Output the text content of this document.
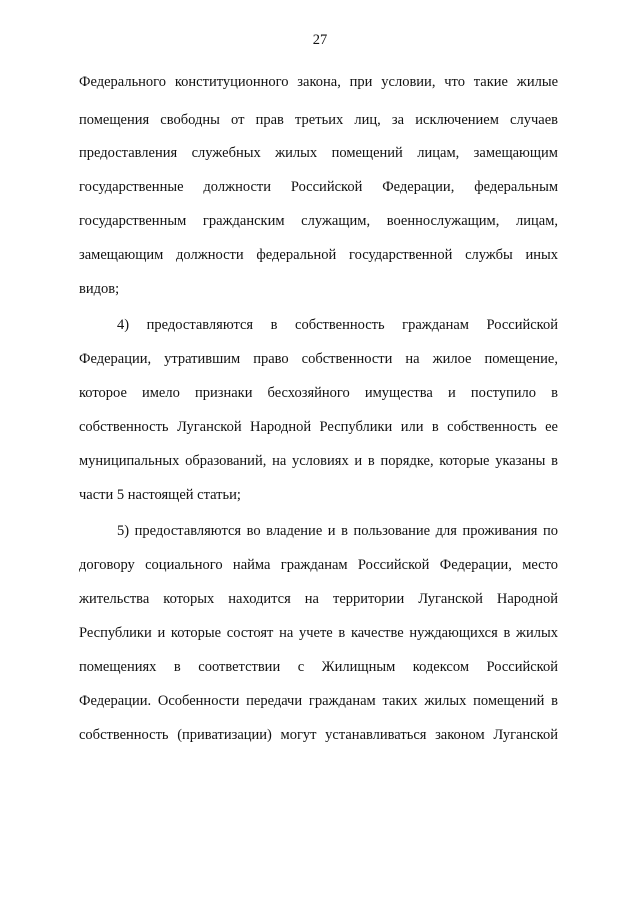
27
Федерального конституционного закона, при условии, что такие жилые
помещения свободны от прав третьих лиц, за исключением случаев
предоставления служебных жилых помещений лицам, замещающим
государственные должности Российской Федерации, федеральным
государственным гражданским служащим, военнослужащим, лицам,
замещающим должности федеральной государственной службы иных
видов;
4) предоставляются в собственность гражданам Российской
Федерации, утратившим право собственности на жилое помещение,
которое имело признаки бесхозяйного имущества и поступило в
собственность Луганской Народной Республики или в собственность ее
муниципальных образований, на условиях и в порядке, которые указаны в
части 5 настоящей статьи;
5) предоставляются во владение и в пользование для проживания по
договору социального найма гражданам Российской Федерации, место
жительства которых находится на территории Луганской Народной
Республики и которые состоят на учете в качестве нуждающихся в жилых
помещениях в соответствии с Жилищным кодексом Российской
Федерации. Особенности передачи гражданам таких жилых помещений в
собственность (приватизации) могут устанавливаться законом Луганской
